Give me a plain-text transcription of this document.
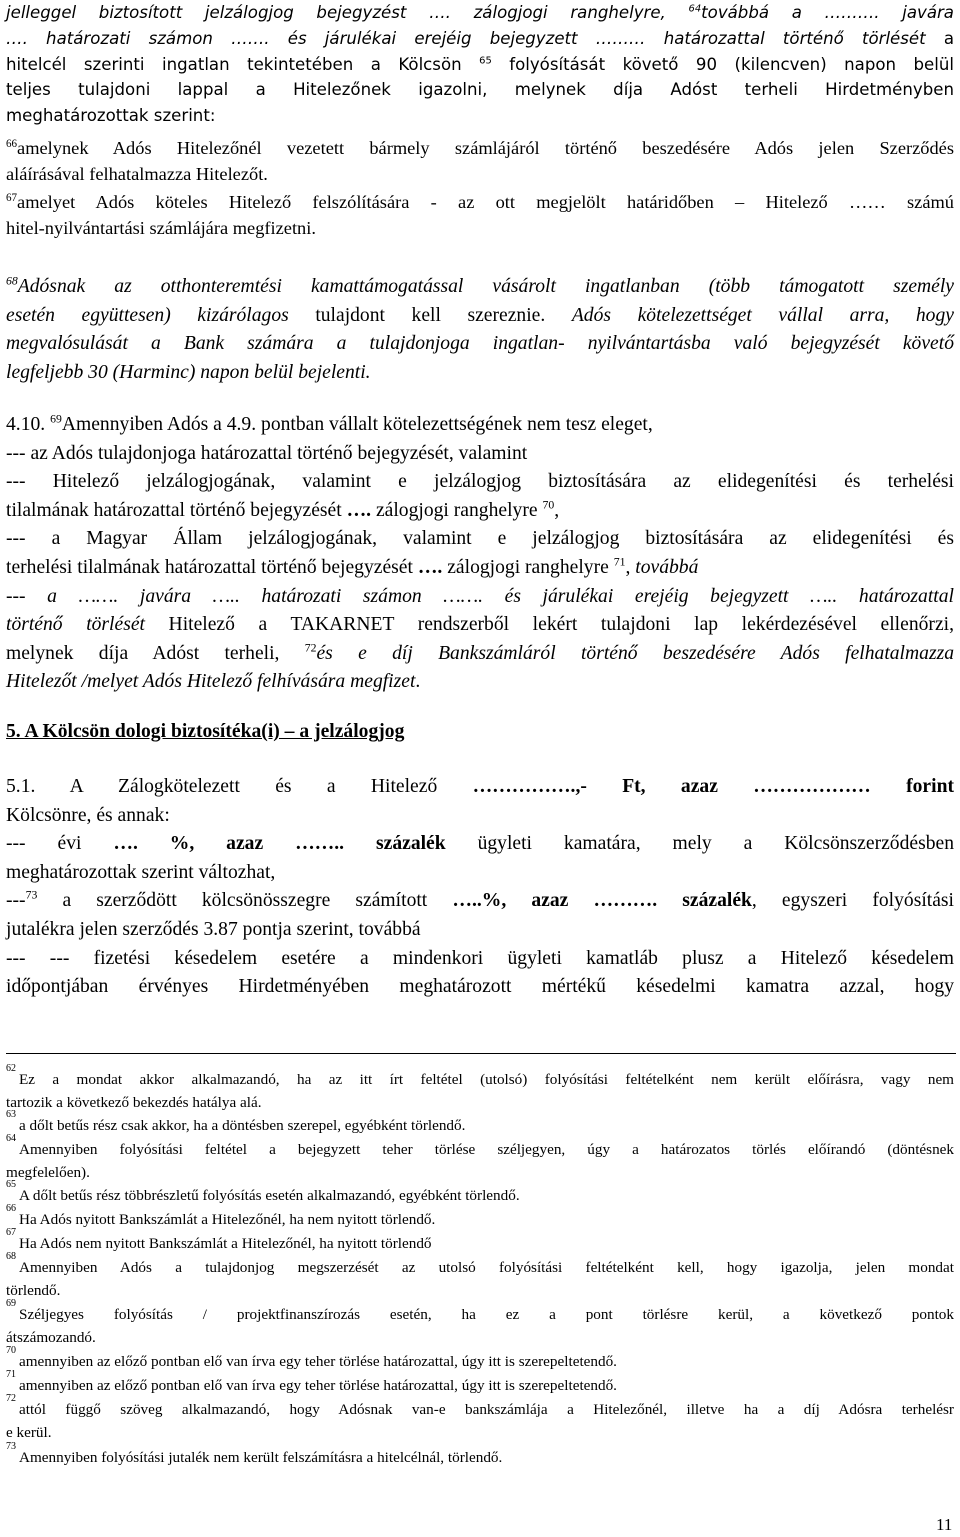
jelleggel biztosított jelzálogjog bejegyzést …. zálogjogi ranghelyre, $^{64}$továbbá a ………. javára

…. határozati számon ……. és járulékai erejéig bejegyzett ……… határozattal történő törlését a

hitelcél szerinti ingatlan tekintetében a Kölcsön $^{65}$ folyósítását követő 90 (kilencven) napon belül

teljes tulajdoni lappal a Hitelezőnek igazolni, melynek díja Adóst terheli Hirdetményben

meghatározottak szerint:

$^{66}$amelynek Adós Hitelezőnél vezetett bármely számlájáról történő beszedésére Adós jelen Szerződés

aláírásával felhatalmazza Hitelezőt.

$^{67}$amelyet Adós köteles Hitelező felszólítására - az ott megjelölt határidőben – Hitelező …… számú

hitel-nyilvántartási számlájára megfizetni.

$^{68}$Adósnak az otthonteremtési kamattámogatással vásárolt ingatlanban (több támogatott személy

esetén együttesen) kizárólagos tulajdont kell szereznie. Adós kötelezettséget vállal arra, hogy

megvalósulását a Bank számára a tulajdonjoga ingatlan- nyilvántartásba való bejegyzését követő

legfeljebb 30 (Harminc) napon belül bejelenti.

4.10. $^{69}$Amennyiben Adós a 4.9. pontban vállalt kötelezettségének nem tesz eleget,

--- az Adós tulajdonjoga határozattal történő bejegyzését, valamint

--- Hitelező jelzálogjogának, valamint e jelzálogjog biztosítására az elidegenítési és terhelési

tilalmának határozattal történő bejegyzését …. zálogjogi ranghelyre $^{70}$,

--- a Magyar Állam jelzálogjogának, valamint e jelzálogjog biztosítására az elidegenítési és

terhelési tilalmának határozattal történő bejegyzését …. zálogjogi ranghelyre $^{71}$, továbbá

--- a ……. javára ….. határozati számon ……. és járulékai erejéig bejegyzett ….. határozattal

történő törlését Hitelező a TAKARNET rendszerből lekért tulajdoni lap lekérdezésével ellenőrzi,

melynek díja Adóst terheli, $^{72}$és e díj Bankszámláról történő beszedésére Adós felhatalmazza

Hitelezőt /melyet Adós Hitelező felhívására megfizet.

5. A Kölcsön dologi biztosítéka(i) – a jelzálogjog

5.1. A Zálogkötelezett és a Hitelező …………….,- Ft, azaz ……………… forint

Kölcsönre, és annak:

--- évi …. %, azaz …….. százalék ügyleti kamatára, mely a Kölcsönszerződésben

meghatározottak szerint változhat,

---$^{73}$ a szerződött kölcsönösszegre számított …..%, azaz ………. százalék, egyszeri folyósítási

jutalékra jelen szerződés 3.87 pontja szerint, továbbá

--- --- fizetési késedelem esetére a mindenkori ügyleti kamatláb plusz a Hitelező késedelem

időpontjában érvényes Hirdetményében meghatározott mértékű késedelmi kamatra azzal, hogy

$^{62}$Ez a mondat akkor alkalmazandó, ha az itt írt feltétel (utolsó) folyósítási feltételként nem került előírásra, vagy nem

tartozik a következő bekezdés hatálya alá.

$^{63}$a dőlt betűs rész csak akkor, ha a döntésben szerepel, egyébként törlendő.

$^{64}$Amennyiben folyósítási feltétel a bejegyzett teher törlése széljegyen, úgy a határozatos törlés előírandó (döntésnek

megfelelően).

$^{65}$A dőlt betűs rész többrészletű folyósítás esetén alkalmazandó, egyébként törlendő.

$^{66}$Ha Adós nyitott Bankszámlát a Hitelezőnél, ha nem nyitott törlendő.

$^{67}$Ha Adós nem nyitott Bankszámlát a Hitelezőnél, ha nyitott törlendő

$^{68}$Amennyiben Adós a tulajdonjog megszerzését az utolsó folyósítási feltételként kell, hogy igazolja, jelen mondat

törlendő.

$^{69}$Széljegyes folyósítás / projektfinanszírozás esetén, ha ez a pont törlésre kerül, a következő pontok

átszámozandó.

$^{70}$amennyiben az előző pontban elő van írva egy teher törlése határozattal, úgy itt is szerepeltetendő.

$^{71}$amennyiben az előző pontban elő van írva egy teher törlése határozattal, úgy itt is szerepeltetendő.

$^{72}$attól függő szöveg alkalmazandó, hogy Adósnak van-e bankszámlája a Hitelezőnél, illetve ha a díj Adósra terhelésr

e kerül.

$^{73}$Amennyiben folyósítási jutalék nem került felszámításra a hitelcélnál, törlendő.

11
